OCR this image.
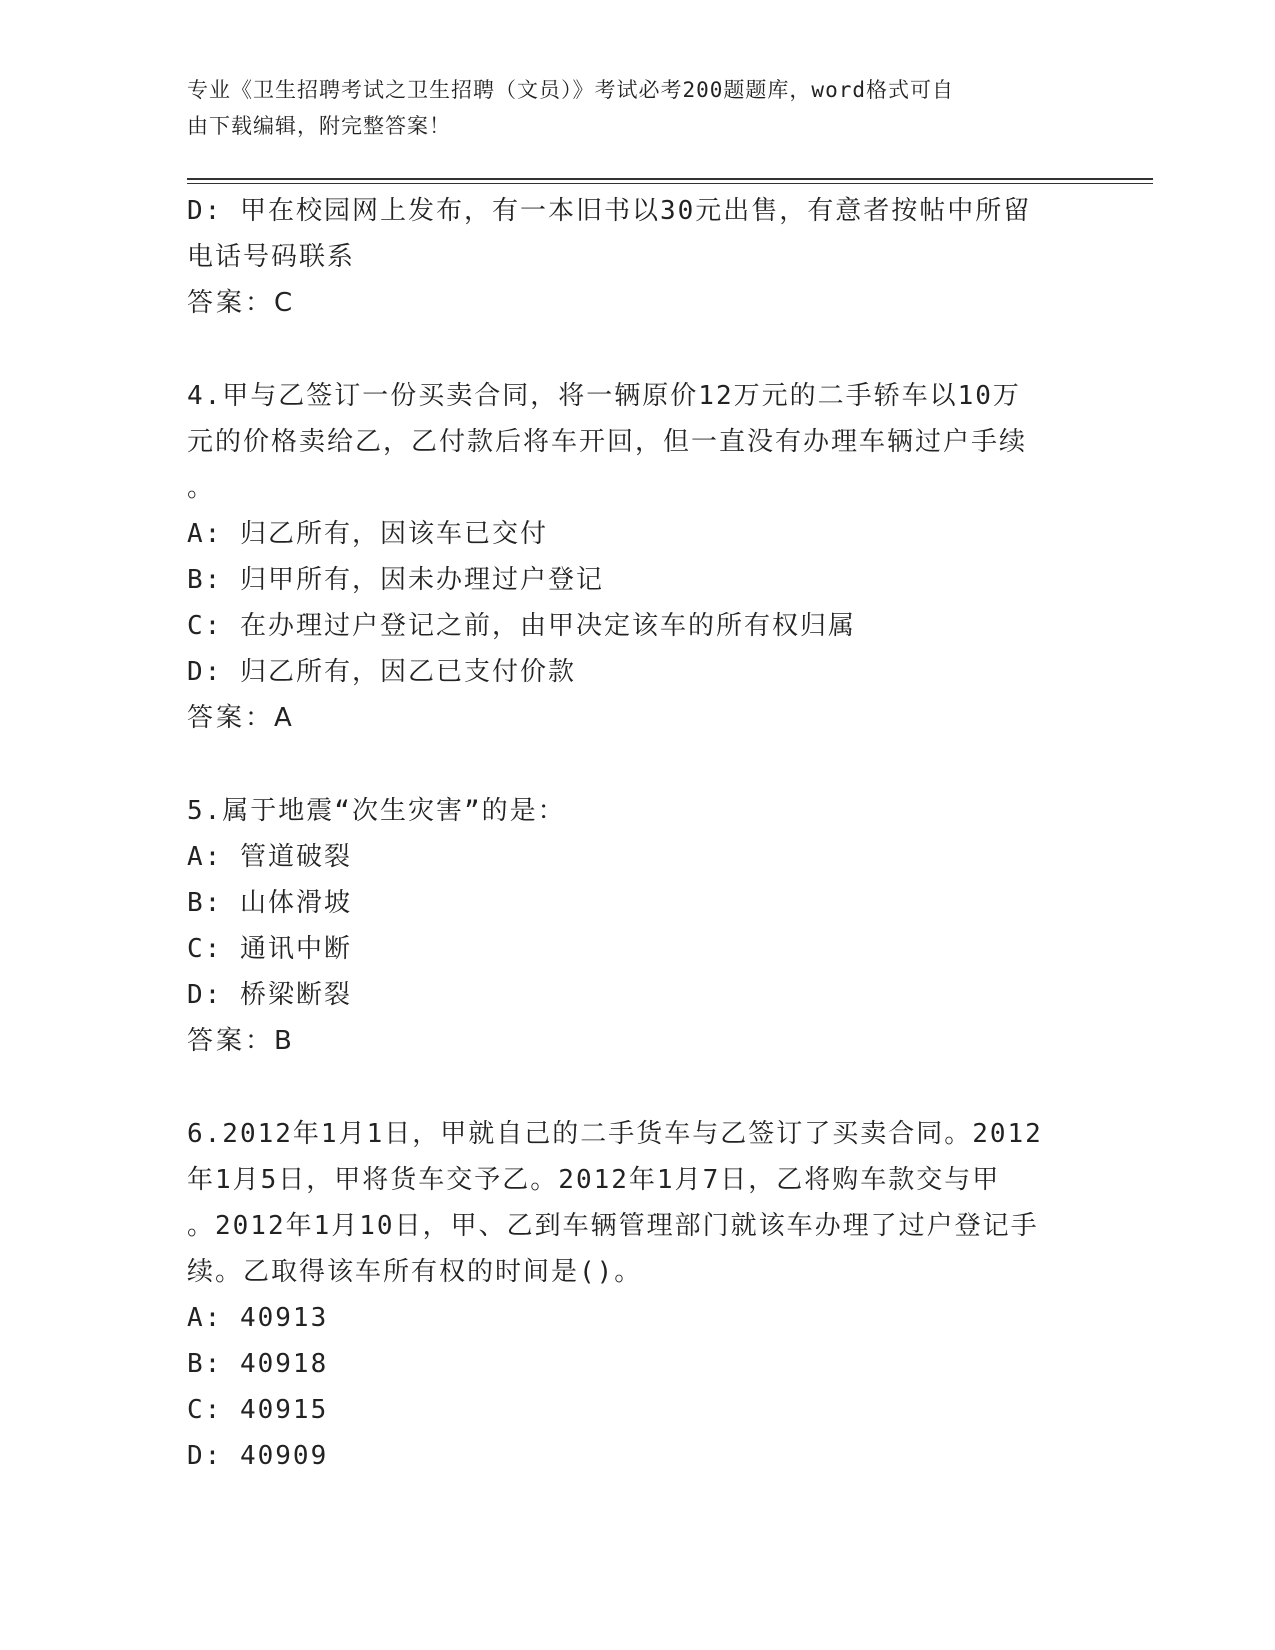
专业《卫生招聘考试之卫生招聘（文员）》考试必考200题题库，word格式可自
由下载编辑，附完整答案！
D: 甲在校园网上发布，有一本旧书以30元出售，有意者按帖中所留
电话号码联系
答案：C
4.甲与乙签订一份买卖合同，将一辆原价12万元的二手轿车以10万
元的价格卖给乙，乙付款后将车开回，但一直没有办理车辆过户手续
。
A: 归乙所有，因该车已交付
B: 归甲所有，因未办理过户登记
C: 在办理过户登记之前，由甲决定该车的所有权归属
D: 归乙所有，因乙已支付价款
答案：A
5.属于地震“次生灾害”的是：
A: 管道破裂
B: 山体滑坡
C: 通讯中断
D: 桥梁断裂
答案：B
6.2012年1月1日，甲就自己的二手货车与乙签订了买卖合同。2012
年1月5日，甲将货车交予乙。2012年1月7日，乙将购车款交与甲
。2012年1月10日，甲、乙到车辆管理部门就该车办理了过户登记手
续。乙取得该车所有权的时间是()。
A: 40913
B: 40918
C: 40915
D: 40909
